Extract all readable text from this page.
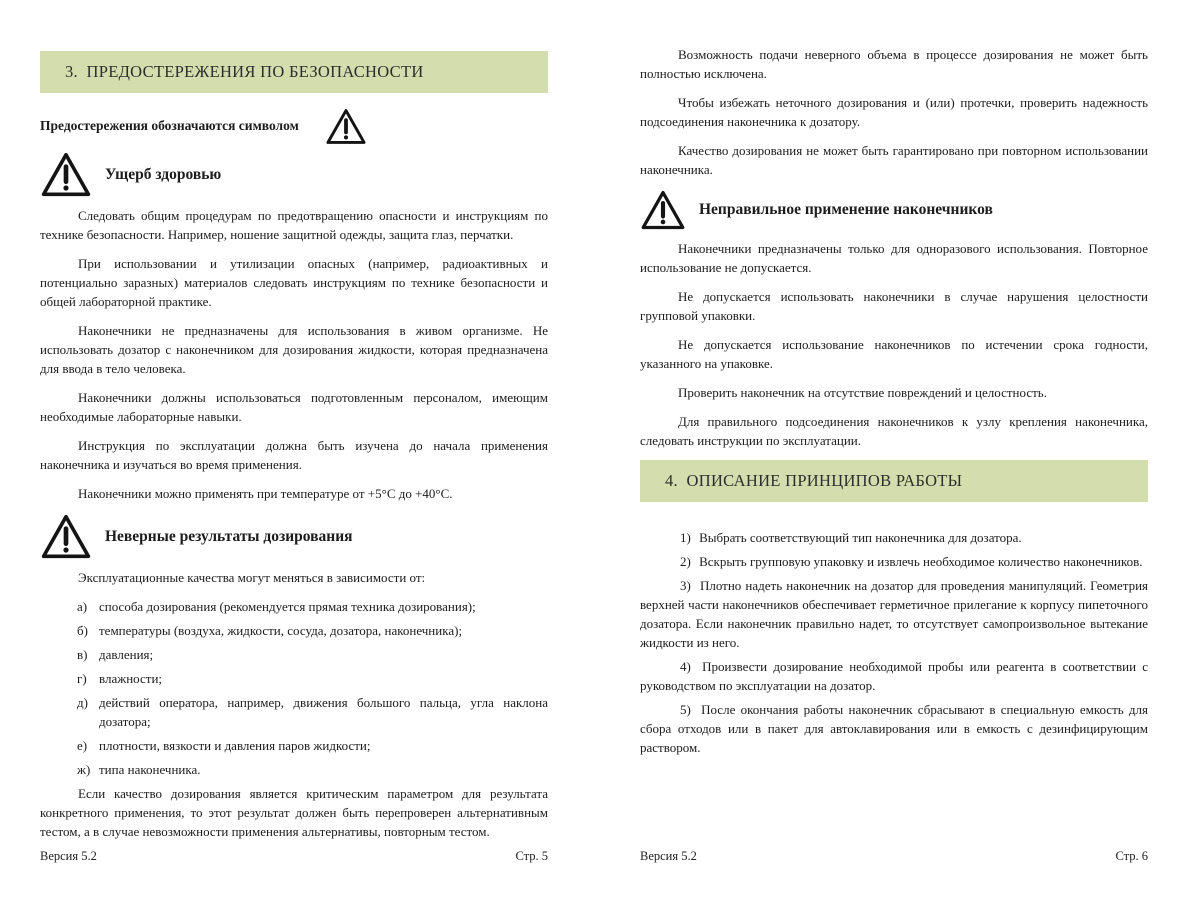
3. ПРЕДОСТЕРЕЖЕНИЯ ПО БЕЗОПАСНОСТИ
Предостережения обозначаются символом
Ущерб здоровью

Следовать общим процедурам по предотвращению опасности и инструкциям по технике безопасности. Например, ношение защитной одежды, защита глаз, перчатки.

При использовании и утилизации опасных (например, радиоактивных и потенциально заразных) материалов следовать инструкциям по технике безопасности и общей лабораторной практике.

Наконечники не предназначены для использования в живом организме. Не использовать дозатор с наконечником для дозирования жидкости, которая предназначена для ввода в тело человека.

Наконечники должны использоваться подготовленным персоналом, имеющим необходимые лабораторные навыки.

Инструкция по эксплуатации должна быть изучена до начала применения наконечника и изучаться во время применения.

Наконечники можно применять при температуре от +5°С до +40°С.

Неверные результаты дозирования

Эксплуатационные качества могут меняться в зависимости от:

а) способа дозирования (рекомендуется прямая техника дозирования);
б) температуры (воздуха, жидкости, сосуда, дозатора, наконечника);
в) давления;
г) влажности;
д) действий оператора, например, движения большого пальца, угла наклона дозатора;
е) плотности, вязкости и давления паров жидкости;
ж) типа наконечника.

Если качество дозирования является критическим параметром для результата конкретного применения, то этот результат должен быть перепроверен альтернативным тестом, а в случае невозможности применения альтернативы, повторным тестом.

Версия 5.2	Стр. 5

Возможность подачи неверного объема в процессе дозирования не может быть полностью исключена.

Чтобы избежать неточного дозирования и (или) протечки, проверить надежность подсоединения наконечника к дозатору.

Качество дозирования не может быть гарантировано при повторном использовании наконечника.

Неправильное применение наконечников

Наконечники предназначены только для одноразового использования. Повторное использование не допускается.

Не допускается использовать наконечники в случае нарушения целостности групповой упаковки.

Не допускается использование наконечников по истечении срока годности, указанного на упаковке.

Проверить наконечник на отсутствие повреждений и целостность.

Для правильного подсоединения наконечников к узлу крепления наконечника, следовать инструкции по эксплуатации.

4. ОПИСАНИЕ ПРИНЦИПОВ РАБОТЫ

1) Выбрать соответствующий тип наконечника для дозатора.

2) Вскрыть групповую упаковку и извлечь необходимое количество наконечников.

3) Плотно надеть наконечник на дозатор для проведения манипуляций. Геометрия верхней части наконечников обеспечивает герметичное прилегание к корпусу пипеточного дозатора. Если наконечник правильно надет, то отсутствует самопроизвольное вытекание жидкости из него.

4) Произвести дозирование необходимой пробы или реагента в соответствии с руководством по эксплуатации на дозатор.

5) После окончания работы наконечник сбрасывают в специальную емкость для сбора отходов или в пакет для автоклавирования или в емкость с дезинфицирующим раствором.

Версия 5.2	Стр. 6
